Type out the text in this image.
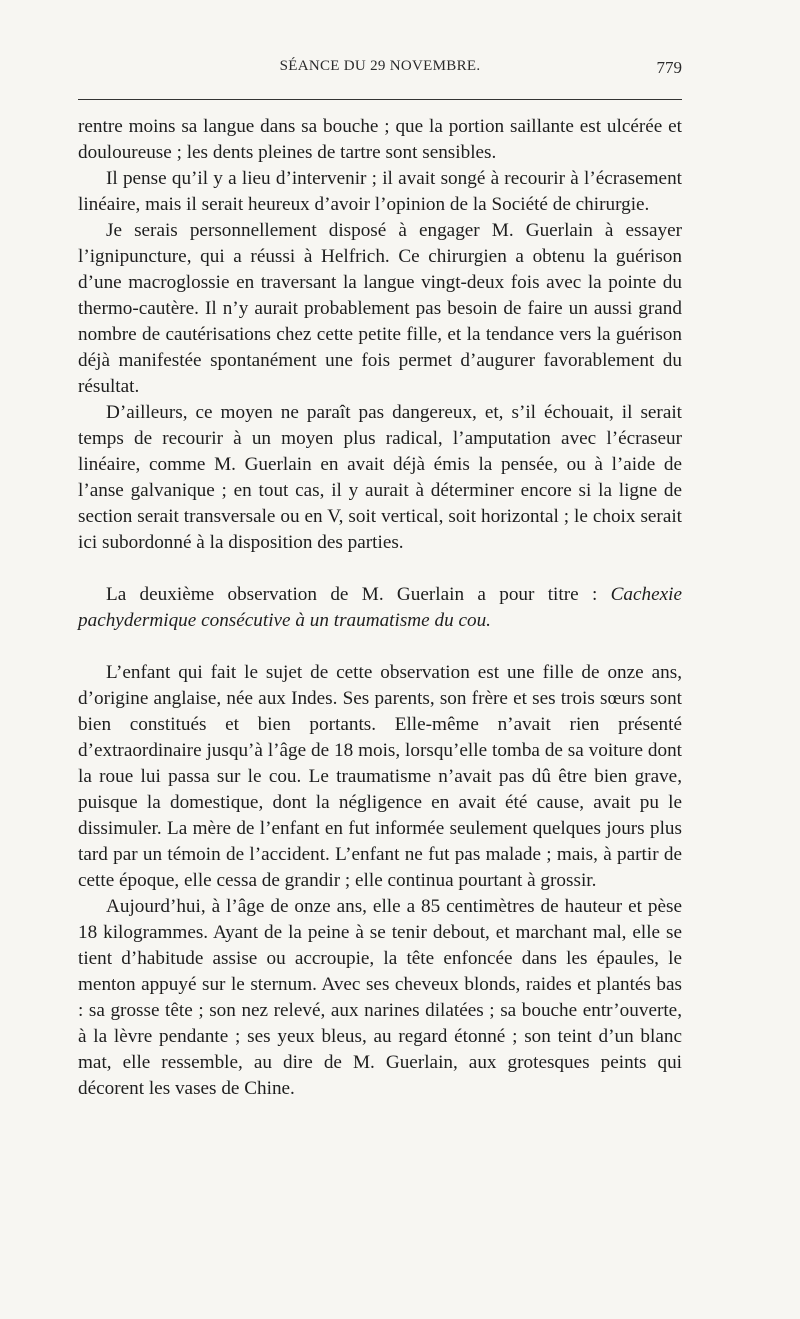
SÉANCE DU 29 NOVEMBRE.	779

rentre moins sa langue dans sa bouche ; que la portion saillante est ulcérée et douloureuse ; les dents pleines de tartre sont sensibles.

Il pense qu’il y a lieu d’intervenir ; il avait songé à recourir à l’écrasement linéaire, mais il serait heureux d’avoir l’opinion de la Société de chirurgie.

Je serais personnellement disposé à engager M. Guerlain à essayer l’ignipuncture, qui a réussi à Helfrich. Ce chirurgien a obtenu la guérison d’une macroglossie en traversant la langue vingt-deux fois avec la pointe du thermo-cautère. Il n’y aurait probablement pas besoin de faire un aussi grand nombre de cautérisations chez cette petite fille, et la tendance vers la guérison déjà manifestée spontanément une fois permet d’augurer favorablement du résultat.

D’ailleurs, ce moyen ne paraît pas dangereux, et, s’il échouait, il serait temps de recourir à un moyen plus radical, l’amputation avec l’écraseur linéaire, comme M. Guerlain en avait déjà émis la pensée, ou à l’aide de l’anse galvanique ; en tout cas, il y aurait à déterminer encore si la ligne de section serait transversale ou en V, soit vertical, soit horizontal ; le choix serait ici subordonné à la disposition des parties.

La deuxième observation de M. Guerlain a pour titre : Cachexie pachydermique consécutive à un traumatisme du cou.

L’enfant qui fait le sujet de cette observation est une fille de onze ans, d’origine anglaise, née aux Indes. Ses parents, son frère et ses trois sœurs sont bien constitués et bien portants. Elle-même n’avait rien présenté d’extraordinaire jusqu’à l’âge de 18 mois, lorsqu’elle tomba de sa voiture dont la roue lui passa sur le cou. Le traumatisme n’avait pas dû être bien grave, puisque la domestique, dont la négligence en avait été cause, avait pu le dissimuler. La mère de l’enfant en fut informée seulement quelques jours plus tard par un témoin de l’accident. L’enfant ne fut pas malade ; mais, à partir de cette époque, elle cessa de grandir ; elle continua pourtant à grossir.

Aujourd’hui, à l’âge de onze ans, elle a 85 centimètres de hauteur et pèse 18 kilogrammes. Ayant de la peine à se tenir debout, et marchant mal, elle se tient d’habitude assise ou accroupie, la tête enfoncée dans les épaules, le menton appuyé sur le sternum. Avec ses cheveux blonds, raides et plantés bas : sa grosse tête ; son nez relevé, aux narines dilatées ; sa bouche entr’ouverte, à la lèvre pendante ; ses yeux bleus, au regard étonné ; son teint d’un blanc mat, elle ressemble, au dire de M. Guerlain, aux grotesques peints qui décorent les vases de Chine.
